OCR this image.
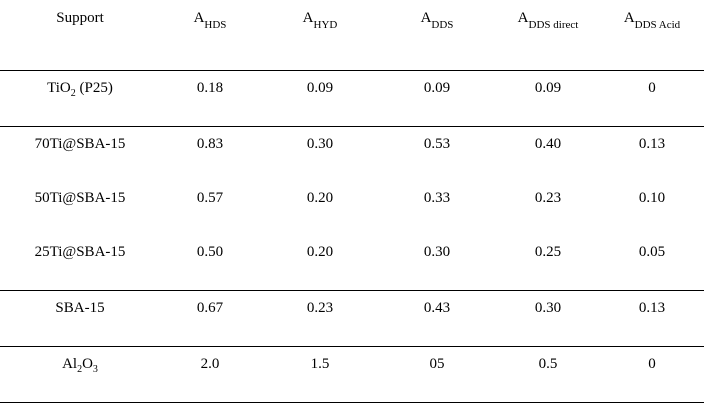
Support	$A_{HDS}$	$A_{HYD}$	$A_{DDS}$	$A_{DDS direct}$	$A_{DDS Acid}$
TiO$_2$ (P25)	0.18	0.09	0.09	0.09	0
70Ti@SBA-15	0.83	0.30	0.53	0.40	0.13
50Ti@SBA-15	0.57	0.20	0.33	0.23	0.10
25Ti@SBA-15	0.50	0.20	0.30	0.25	0.05
SBA-15	0.67	0.23	0.43	0.30	0.13
$Al_2O_3$	2.0	1.5	05	0.5	0
